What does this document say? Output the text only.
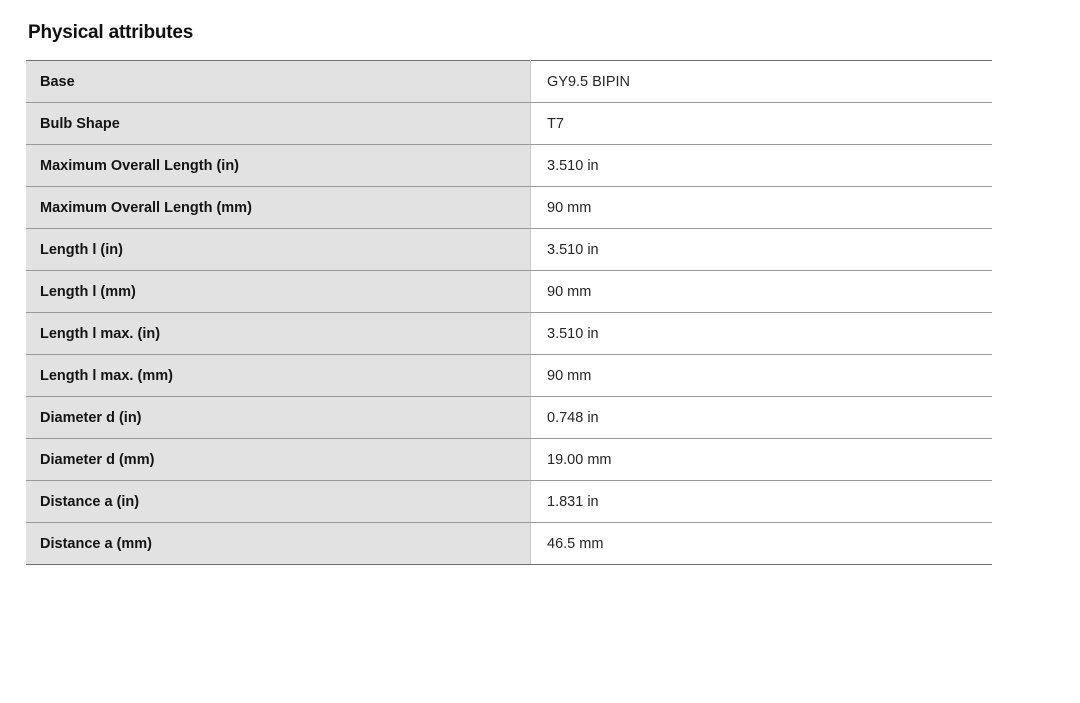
Physical attributes
Base	GY9.5 BIPIN
Bulb Shape	T7
Maximum Overall Length (in)	3.510 in
Maximum Overall Length (mm)	90 mm
Length l (in)	3.510 in
Length l (mm)	90 mm
Length l max. (in)	3.510 in
Length l max. (mm)	90 mm
Diameter d (in)	0.748 in
Diameter d (mm)	19.00 mm
Distance a (in)	1.831 in
Distance a (mm)	46.5 mm
